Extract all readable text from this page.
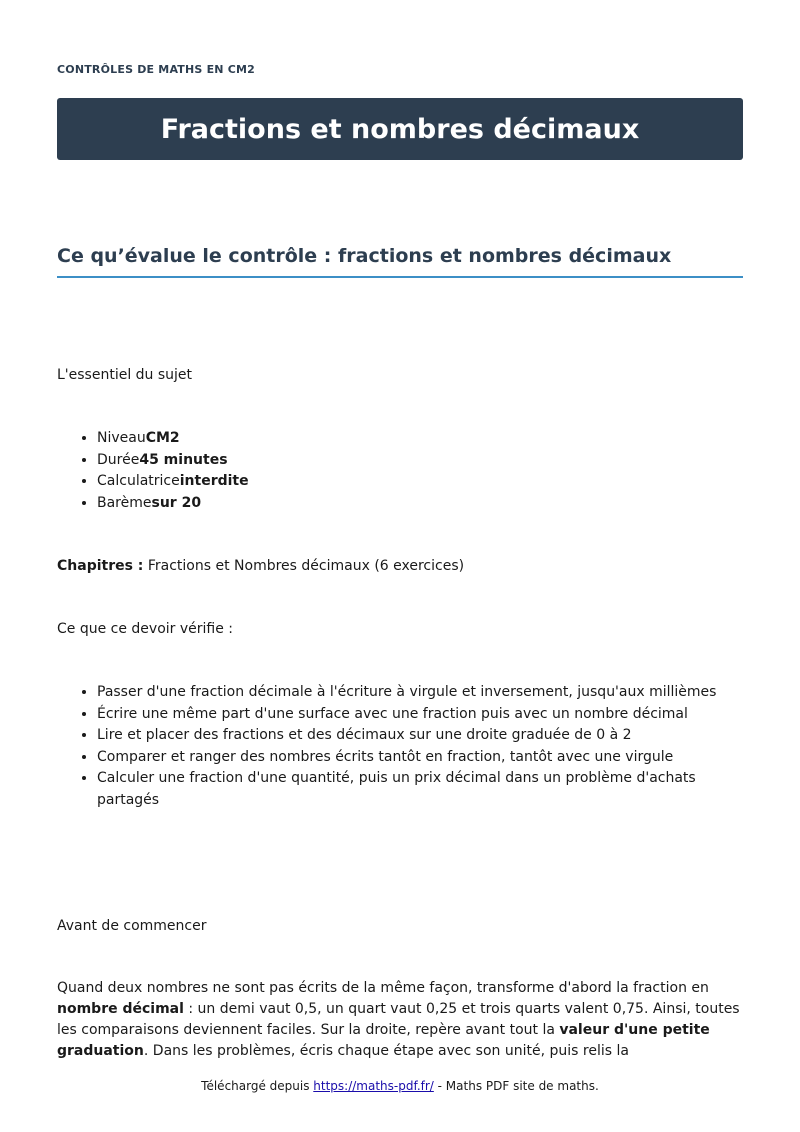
CONTRÔLES DE MATHS EN CM2
Fractions et nombres décimaux
Ce qu’évalue le contrôle : fractions et nombres décimaux

L'essentiel du sujet

• NiveauCM2
• Durée45 minutes
• Calculatriceinterdite
• Barèmesur 20

Chapitres : Fractions et Nombres décimaux (6 exercices)

Ce que ce devoir vérifie :

• Passer d'une fraction décimale à l'écriture à virgule et inversement, jusqu'aux millièmes
• Écrire une même part d'une surface avec une fraction puis avec un nombre décimal
• Lire et placer des fractions et des décimaux sur une droite graduée de 0 à 2
• Comparer et ranger des nombres écrits tantôt en fraction, tantôt avec une virgule
• Calculer une fraction d'une quantité, puis un prix décimal dans un problème d'achats partagés

Avant de commencer

Quand deux nombres ne sont pas écrits de la même façon, transforme d'abord la fraction en nombre décimal : un demi vaut 0,5, un quart vaut 0,25 et trois quarts valent 0,75. Ainsi, toutes les comparaisons deviennent faciles. Sur la droite, repère avant tout la valeur d'une petite graduation. Dans les problèmes, écris chaque étape avec son unité, puis relis la

Téléchargé depuis https://maths-pdf.fr/ - Maths PDF site de maths.
